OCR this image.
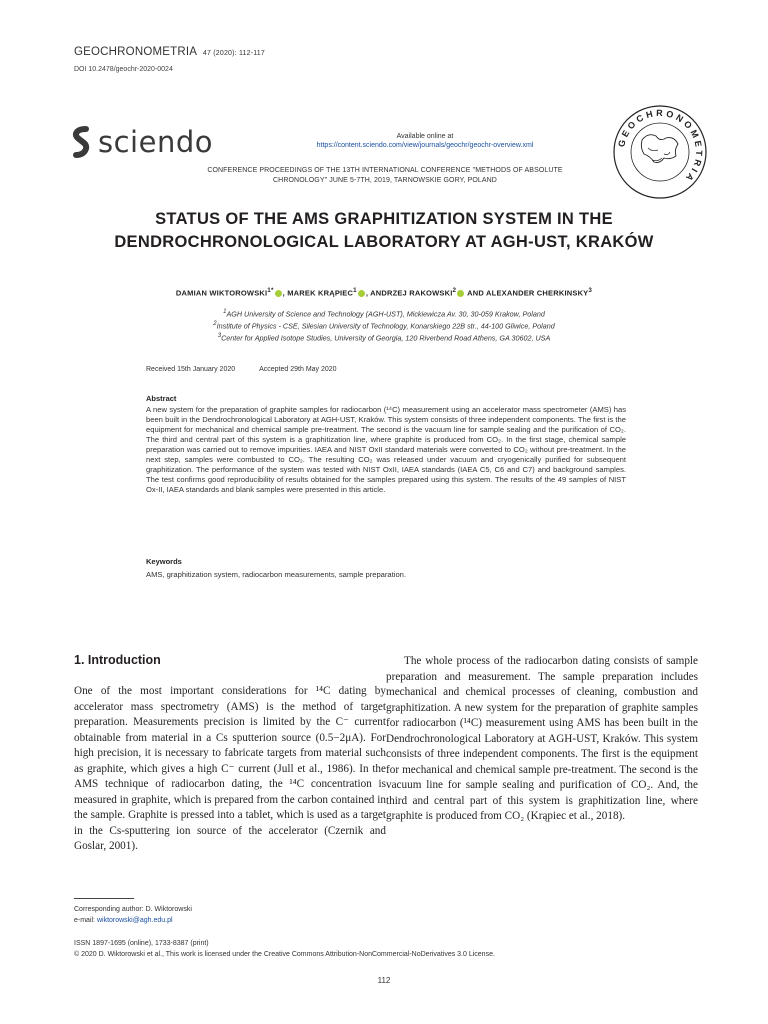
GEOCHRONOMETRIA 47 (2020): 112-117
DOI 10.2478/geochr-2020-0024
sciendo	Available online at
https://content.sciendo.com/view/journals/geochr/geochr-overview.xml
CONFERENCE PROCEEDINGS OF THE 13TH INTERNATIONAL CONFERENCE "METHODS OF ABSOLUTE
CHRONOLOGY" JUNE 5-7TH, 2019, TARNOWSKIE GORY, POLAND
GEOCHRONOMETRIA
STATUS OF THE AMS GRAPHITIZATION SYSTEM IN THE
DENDROCHRONOLOGICAL LABORATORY AT AGH-UST, KRAKÓW
DAMIAN $WIKTOROWSKI^{1*}$ , MAREK KRĄPIEC$^1$ , ANDRZEJ RAKOWSKI$^2$ AND ALEXANDER CHERKINSKY$^3$
$^1$AGH University of Science and Technology (AGH-UST), Mickiewicza Av. 30, 30-059 Krakow, Poland
$^2$Institute of Physics - CSE, Silesian University of Technology, Konarskiego 22B str., 44-100 Gliwice, Poland
$^3$Center for Applied Isotope Studies, University of Georgia, 120 Riverbend Road Athens, GA 30602, USA
Received 15th January 2020	Accepted 29th May 2020
Abstract
A new system for the preparation of graphite samples for radiocarbon (¹⁴C) measurement using an accelerator mass spectrometer (AMS) has been built in the Dendrochronological Laboratory at AGH-UST, Kraków. This system consists of three independent components. The first is the equipment for mechanical and chemical sample pre-treatment. The second is the vacuum line for sample sealing and the purification of CO₂. The third and central part of this system is a graphitization line, where graphite is produced from CO₂. In the first stage, chemical sample preparation was carried out to remove impurities. IAEA and NIST OxII standard materials were converted to CO₂ without pre-treatment. In the next step, samples were combusted to CO₂. The resulting CO₂ was released under vacuum and cryogenically purified for subsequent graphitization. The performance of the system was tested with NIST OxII, IAEA standards (IAEA C5, C6 and C7) and background samples. The test confirms good reproducibility of results obtained for the samples prepared using this system. The results of the 49 samples of NIST Ox-II, IAEA standards and blank samples were presented in this article.
Keywords
AMS, graphitization system, radiocarbon measurements, sample preparation.
1. Introduction

One of the most important considerations for ¹⁴C dating by accelerator mass spectrometry (AMS) is the method of target preparation. Measurements precision is limited by the C⁻ current obtainable from material in a Cs sputterion source (0.5−2μA). For high precision, it is necessary to fabricate targets from material such as graphite, which gives a high C⁻ current (Jull et al., 1986). In the AMS technique of radiocarbon dating, the ¹⁴C concentration is measured in graphite, which is prepared from the carbon contained in the sample. Graphite is pressed into a tablet, which is used as a target in the Cs-sputtering ion source of the accelerator (Czernik and Goslar, 2001).

The whole process of the radiocarbon dating consists of sample preparation and measurement. The sample preparation includes mechanical and chemical processes of cleaning, combustion and graphitization. A new system for the preparation of graphite samples for radiocarbon (¹⁴C) measurement using AMS has been built in the Dendrochronological Laboratory at AGH-UST, Kraków. This system consists of three independent components. The first is the equipment for mechanical and chemical sample pre-treatment. The second is the vacuum line for sample sealing and purification of CO₂. And, the third and central part of this system is graphitization line, where graphite is produced from CO₂ (Krąpiec et al., 2018).

Corresponding author: D. Wiktorowski
e-mail: wiktorowski@agh.edu.pl
ISSN 1897-1695 (online), 1733-8387 (print)
© 2020 D. Wiktorowski et al., This work is licensed under the Creative Commons Attribution-NonCommercial-NoDerivatives 3.0 License.
112
